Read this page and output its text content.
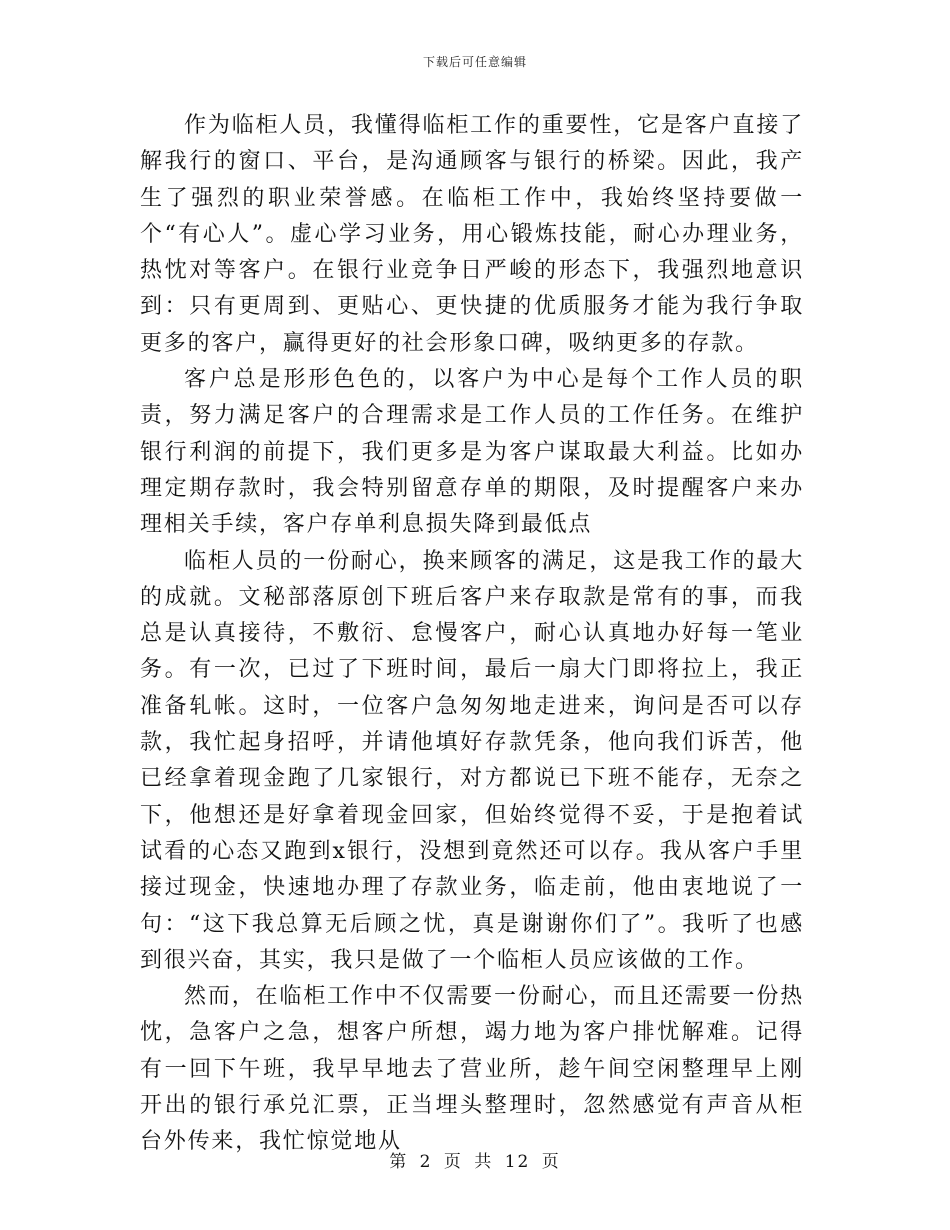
下载后可任意编辑

作为临柜人员，我懂得临柜工作的重要性，它是客户直接了解我行的窗口、平台，是沟通顾客与银行的桥梁。因此，我产生了强烈的职业荣誉感。在临柜工作中，我始终坚持要做一个“有心人”。虚心学习业务，用心锻炼技能，耐心办理业务，热忱对等客户。在银行业竞争日严峻的形态下，我强烈地意识到：只有更周到、更贴心、更快捷的优质服务才能为我行争取更多的客户，赢得更好的社会形象口碑，吸纳更多的存款。

客户总是形形色色的，以客户为中心是每个工作人员的职责，努力满足客户的合理需求是工作人员的工作任务。在维护银行利润的前提下，我们更多是为客户谋取最大利益。比如办理定期存款时，我会特别留意存单的期限，及时提醒客户来办理相关手续，客户存单利息损失降到最低点

临柜人员的一份耐心，换来顾客的满足，这是我工作的最大的成就。文秘部落原创下班后客户来存取款是常有的事，而我总是认真接待，不敷衍、怠慢客户，耐心认真地办好每一笔业务。有一次，已过了下班时间，最后一扇大门即将拉上，我正准备轧帐。这时，一位客户急匆匆地走进来，询问是否可以存款，我忙起身招呼，并请他填好存款凭条，他向我们诉苦，他已经拿着现金跑了几家银行，对方都说已下班不能存，无奈之下，他想还是好拿着现金回家，但始终觉得不妥，于是抱着试试看的心态又跑到x银行，没想到竟然还可以存。我从客户手里接过现金，快速地办理了存款业务，临走前，他由衷地说了一句：“这下我总算无后顾之忧，真是谢谢你们了”。我听了也感到很兴奋，其实，我只是做了一个临柜人员应该做的工作。

然而，在临柜工作中不仅需要一份耐心，而且还需要一份热忱，急客户之急，想客户所想，竭力地为客户排忧解难。记得有一回下午班，我早早地去了营业所，趁午间空闲整理早上刚开出的银行承兑汇票，正当埋头整理时，忽然感觉有声音从柜台外传来，我忙惊觉地从

第 2 页 共 12 页
